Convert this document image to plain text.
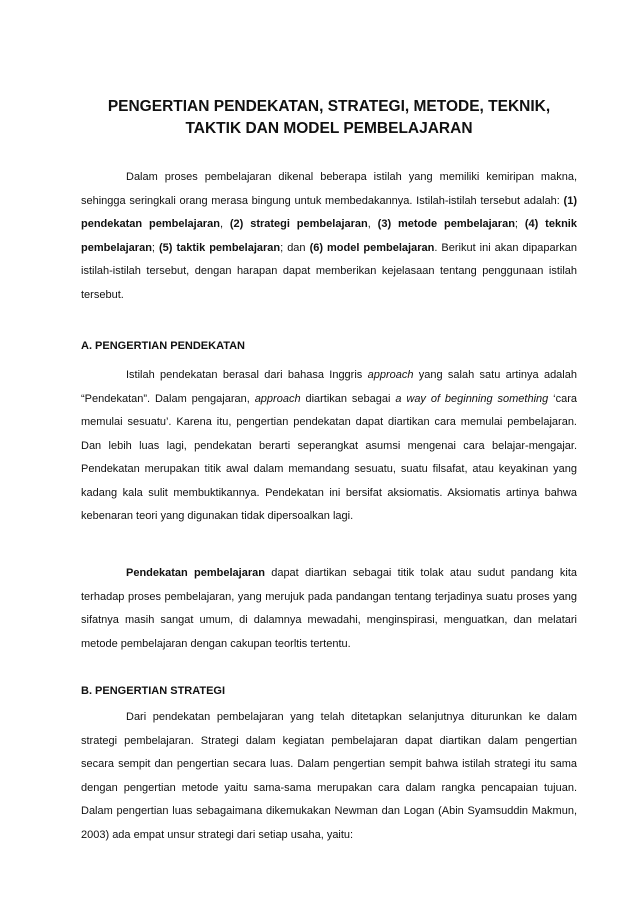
PENGERTIAN PENDEKATAN, STRATEGI, METODE, TEKNIK,
TAKTIK DAN MODEL PEMBELAJARAN
Dalam proses pembelajaran dikenal beberapa istilah yang memiliki kemiripan makna, sehingga seringkali orang merasa bingung untuk membedakannya. Istilah-istilah tersebut adalah: (1) pendekatan pembelajaran, (2) strategi pembelajaran, (3) metode pembelajaran; (4) teknik pembelajaran; (5) taktik pembelajaran; dan (6) model pembelajaran. Berikut ini akan dipaparkan istilah-istilah tersebut, dengan harapan dapat memberikan kejelasaan tentang penggunaan istilah tersebut.
A. PENGERTIAN PENDEKATAN
Istilah pendekatan berasal dari bahasa Inggris approach yang salah satu artinya adalah “Pendekatan”. Dalam pengajaran, approach diartikan sebagai a way of beginning something ‘cara memulai sesuatu’. Karena itu, pengertian pendekatan dapat diartikan cara memulai pembelajaran. Dan lebih luas lagi, pendekatan berarti seperangkat asumsi mengenai cara belajar-mengajar. Pendekatan merupakan titik awal dalam memandang sesuatu, suatu filsafat, atau keyakinan yang kadang kala sulit membuktikannya. Pendekatan ini bersifat aksiomatis. Aksiomatis artinya bahwa kebenaran teori yang digunakan tidak dipersoalkan lagi.
Pendekatan pembelajaran dapat diartikan sebagai titik tolak atau sudut pandang kita terhadap proses pembelajaran, yang merujuk pada pandangan tentang terjadinya suatu proses yang sifatnya masih sangat umum, di dalamnya mewadahi, menginspirasi, menguatkan, dan melatari metode pembelajaran dengan cakupan teorltis tertentu.
B. PENGERTIAN STRATEGI
Dari pendekatan pembelajaran yang telah ditetapkan selanjutnya diturunkan ke dalam strategi pembelajaran. Strategi dalam kegiatan pembelajaran dapat diartikan dalam pengertian secara sempit dan pengertian secara luas. Dalam pengertian sempit bahwa istilah strategi itu sama dengan pengertian metode yaitu sama-sama merupakan cara dalam rangka pencapaian tujuan. Dalam pengertian luas sebagaimana dikemukakan Newman dan Logan (Abin Syamsuddin Makmun, 2003) ada empat unsur strategi dari setiap usaha, yaitu:
